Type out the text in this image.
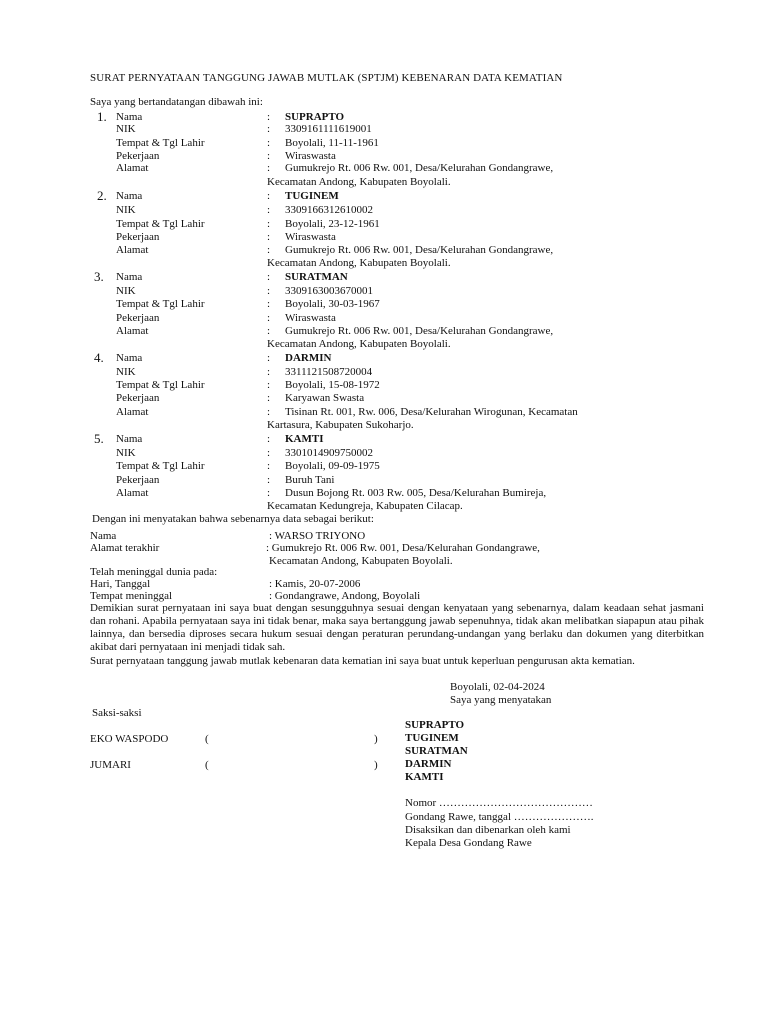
SURAT PERNYATAAN TANGGUNG JAWAB MUTLAK (SPTJM) KEBENARAN DATA KEMATIAN
Saya yang bertandatangan dibawah ini:
1. Nama	: SUPRAPTO
NIK	: 3309161111619001
Tempat & Tgl Lahir	: Boyolali, 11-11-1961
Pekerjaan	: Wiraswasta
Alamat	: Gumukrejo Rt. 006 Rw. 001, Desa/Kelurahan Gondangrawe,
Kecamatan Andong, Kabupaten Boyolali.
2. Nama	: TUGINEM
NIK	: 3309166312610002
Tempat & Tgl Lahir	: Boyolali, 23-12-1961
Pekerjaan	: Wiraswasta
Alamat	: Gumukrejo Rt. 006 Rw. 001, Desa/Kelurahan Gondangrawe,
Kecamatan Andong, Kabupaten Boyolali.
3. Nama	: SURATMAN
NIK	: 3309163003670001
Tempat & Tgl Lahir	: Boyolali, 30-03-1967
Pekerjaan	: Wiraswasta
Alamat	: Gumukrejo Rt. 006 Rw. 001, Desa/Kelurahan Gondangrawe,
Kecamatan Andong, Kabupaten Boyolali.
4. Nama	: DARMIN
NIK	: 3311121508720004
Tempat & Tgl Lahir	: Boyolali, 15-08-1972
Pekerjaan	: Karyawan Swasta
Alamat	: Tisinan Rt. 001, Rw. 006, Desa/Kelurahan Wirogunan, Kecamatan
Kartasura, Kabupaten Sukoharjo.
5. Nama	: KAMTI
NIK	: 3301014909750002
Tempat & Tgl Lahir	: Boyolali, 09-09-1975
Pekerjaan	: Buruh Tani
Alamat	: Dusun Bojong Rt. 003 Rw. 005, Desa/Kelurahan Bumireja,
Kecamatan Kedungreja, Kabupaten Cilacap.
Dengan ini menyatakan bahwa sebenarnya data sebagai berikut:
Nama	: WARSO TRIYONO
Alamat terakhir	: Gumukrejo Rt. 006 Rw. 001, Desa/Kelurahan Gondangrawe,
Kecamatan Andong, Kabupaten Boyolali.
Telah meninggal dunia pada:
Hari, Tanggal	: Kamis, 20-07-2006
Tempat meninggal	: Gondangrawe, Andong, Boyolali
Demikian surat pernyataan ini saya buat dengan sesungguhnya sesuai dengan kenyataan yang sebenarnya, dalam keadaan sehat jasmani dan rohani. Apabila pernyataan saya ini tidak benar, maka saya bertanggung jawab sepenuhnya, tidak akan melibatkan siapapun atau pihak lainnya, dan bersedia diproses secara hukum sesuai dengan peraturan perundang-undangan yang berlaku dan dokumen yang diterbitkan akibat dari pernyataan ini menjadi tidak sah.
Surat pernyataan tanggung jawab mutlak kebenaran data kematian ini saya buat untuk keperluan pengurusan akta kematian.
Boyolali, 02-04-2024
Saya yang menyatakan
SUPRAPTO
TUGINEM
SURATMAN
DARMIN
KAMTI
Saksi-saksi
EKO WASPODO	(	)
JUMARI	(	)
Nomor ……………………………………
Gondang Rawe, tanggal ………………….
Disaksikan dan dibenarkan oleh kami
Kepala Desa Gondang Rawe
